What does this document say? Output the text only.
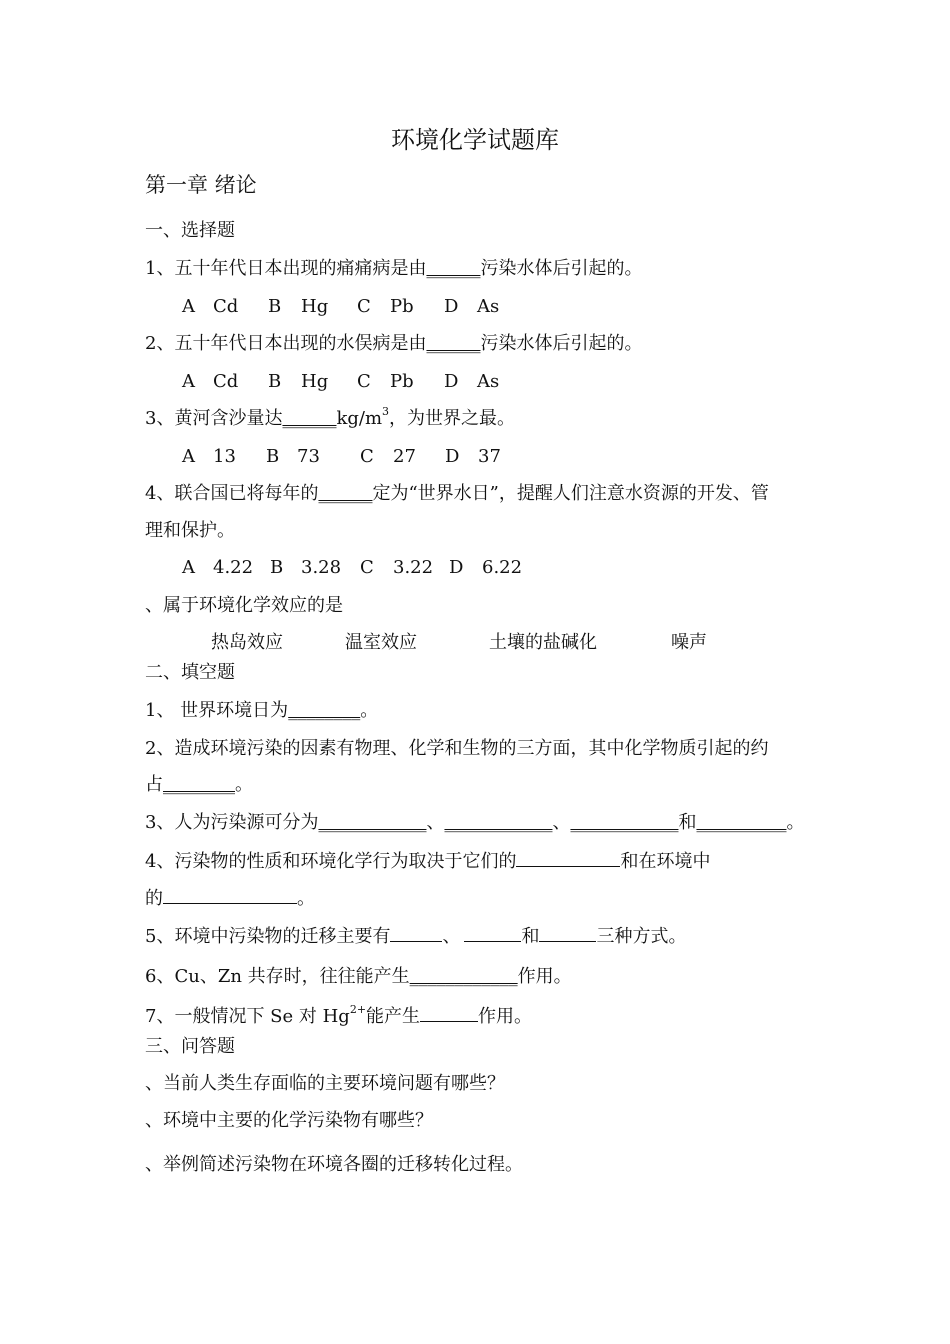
环境化学试题库
第一章 绪论
一、选择题
1、五十年代日本出现的痛痛病是由______污染水体后引起的。
A Cd B Hg C Pb D As
2、五十年代日本出现的水俣病是由______污染水体后引起的。
A Cd B Hg C Pb D As
3、黄河含沙量达$\_\_\_\_\_\_kg/m^3$，为世界之最。
A 13 B 73 C 27 D 37
4、联合国已将每年的______定为“世界水日”，提醒人们注意水资源的开发、管
理和保护。
A 4.22 B 3.28 C 3.22 D 6.22
、属于环境化学效应的是
热岛效应	温室效应	土壤的盐碱化	噪声
二、填空题
1、 世界环境日为________。
2、造成环境污染的因素有物理、化学和生物的三方面，其中化学物质引起的约
占________。
3、人为污染源可分为____________、____________、____________和__________。
4、污染物的性质和环境化学行为取决于它们的	和在环境中
的	。
5、环境中污染物的迁移主要有	、	和	三种方式。
6、Cu、Zn 共存时，往往能产生____________作用。
7、一般情况下 Se 对 $Hg^{2+}$能产生	作用。
三、问答题
、当前人类生存面临的主要环境问题有哪些？
、环境中主要的化学污染物有哪些？
、举例简述污染物在环境各圈的迁移转化过程。
